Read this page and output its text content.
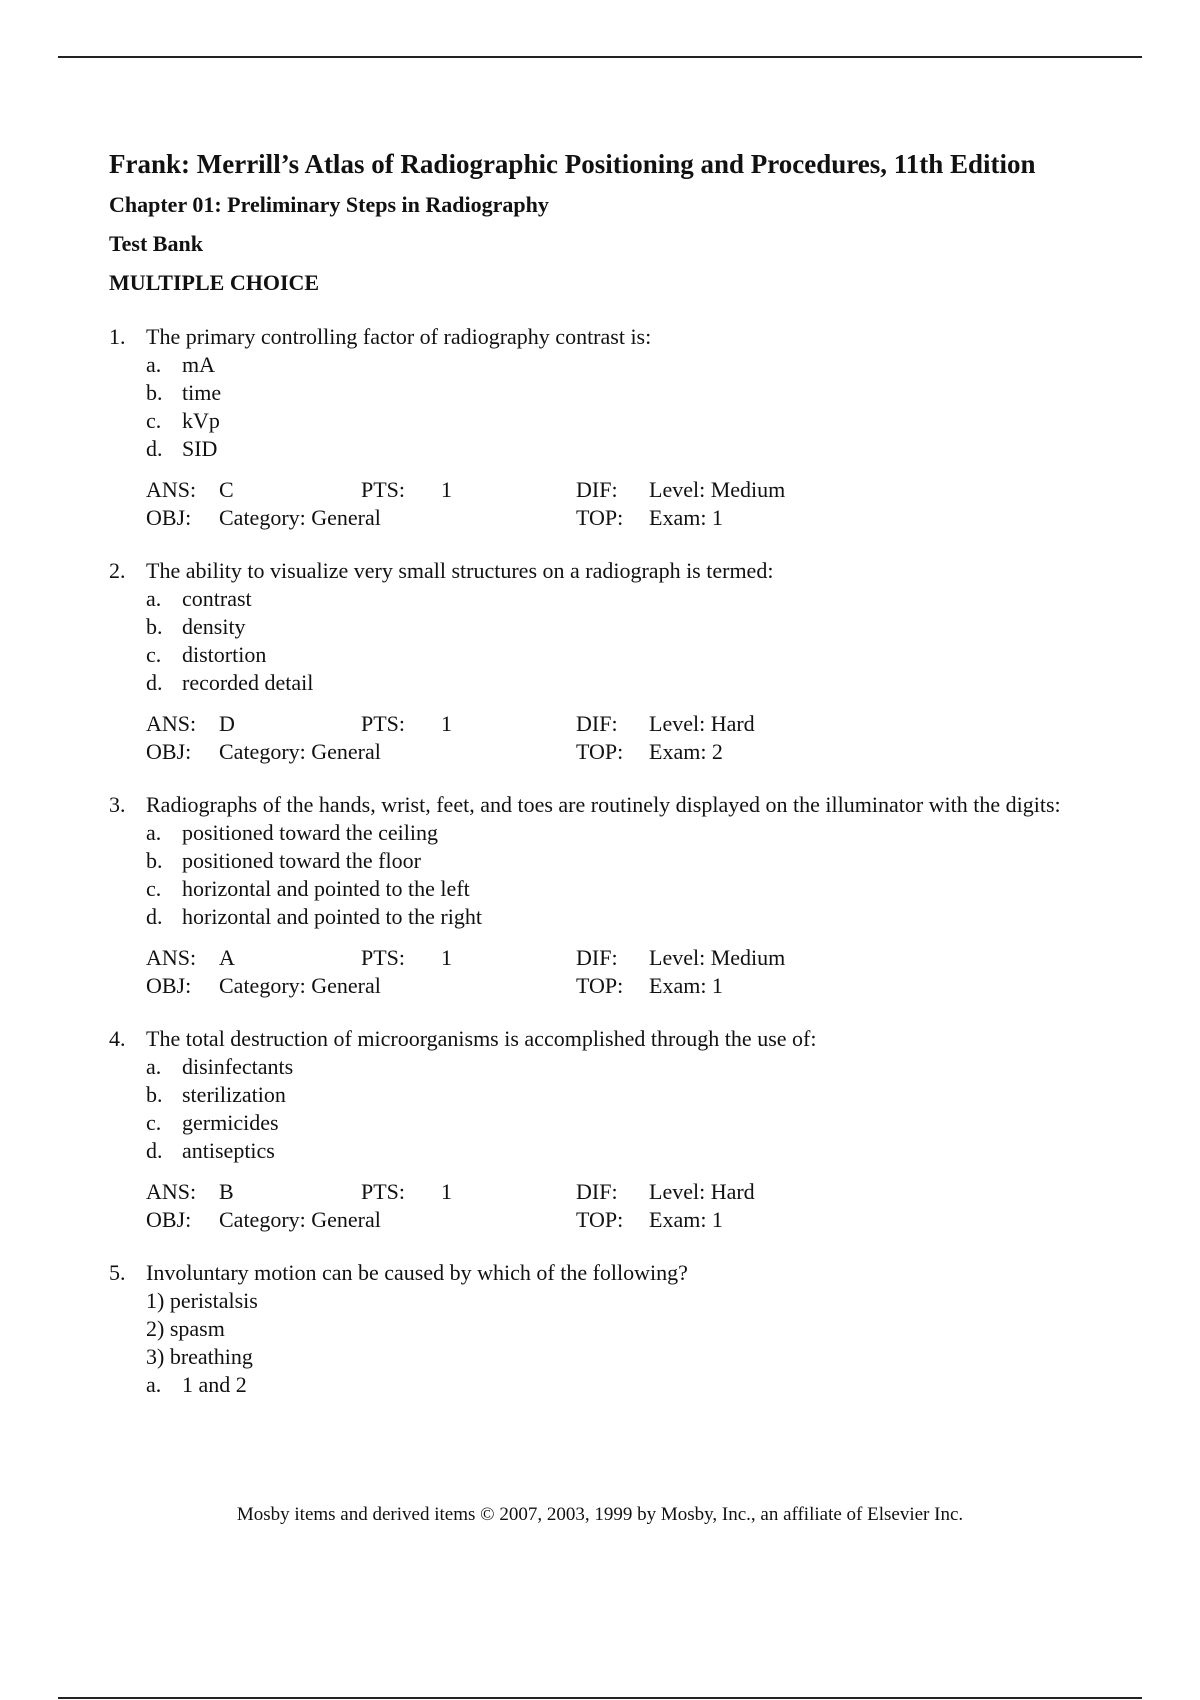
Frank: Merrill’s Atlas of Radiographic Positioning and Procedures, 11th Edition
Chapter 01: Preliminary Steps in Radiography
Test Bank
MULTIPLE CHOICE
1. The primary controlling factor of radiography contrast is:
a. mA
b. time
c. kVp
d. SID
ANS:	C	PTS:	1	DIF:	Level: Medium
OBJ:	Category: General	TOP:	Exam: 1
2. The ability to visualize very small structures on a radiograph is termed:
a. contrast
b. density
c. distortion
d. recorded detail
ANS:	D	PTS:	1	DIF:	Level: Hard
OBJ:	Category: General	TOP:	Exam: 2
3. Radiographs of the hands, wrist, feet, and toes are routinely displayed on the illuminator with the digits:
a. positioned toward the ceiling
b. positioned toward the floor
c. horizontal and pointed to the left
d. horizontal and pointed to the right
ANS:	A	PTS:	1	DIF:	Level: Medium
OBJ:	Category: General	TOP:	Exam: 1
4. The total destruction of microorganisms is accomplished through the use of:
a. disinfectants
b. sterilization
c. germicides
d. antiseptics
ANS:	B	PTS:	1	DIF:	Level: Hard
OBJ:	Category: General	TOP:	Exam: 1
5. Involuntary motion can be caused by which of the following?
1) peristalsis
2) spasm
3) breathing
a. 1 and 2
Mosby items and derived items © 2007, 2003, 1999 by Mosby, Inc., an affiliate of Elsevier Inc.
